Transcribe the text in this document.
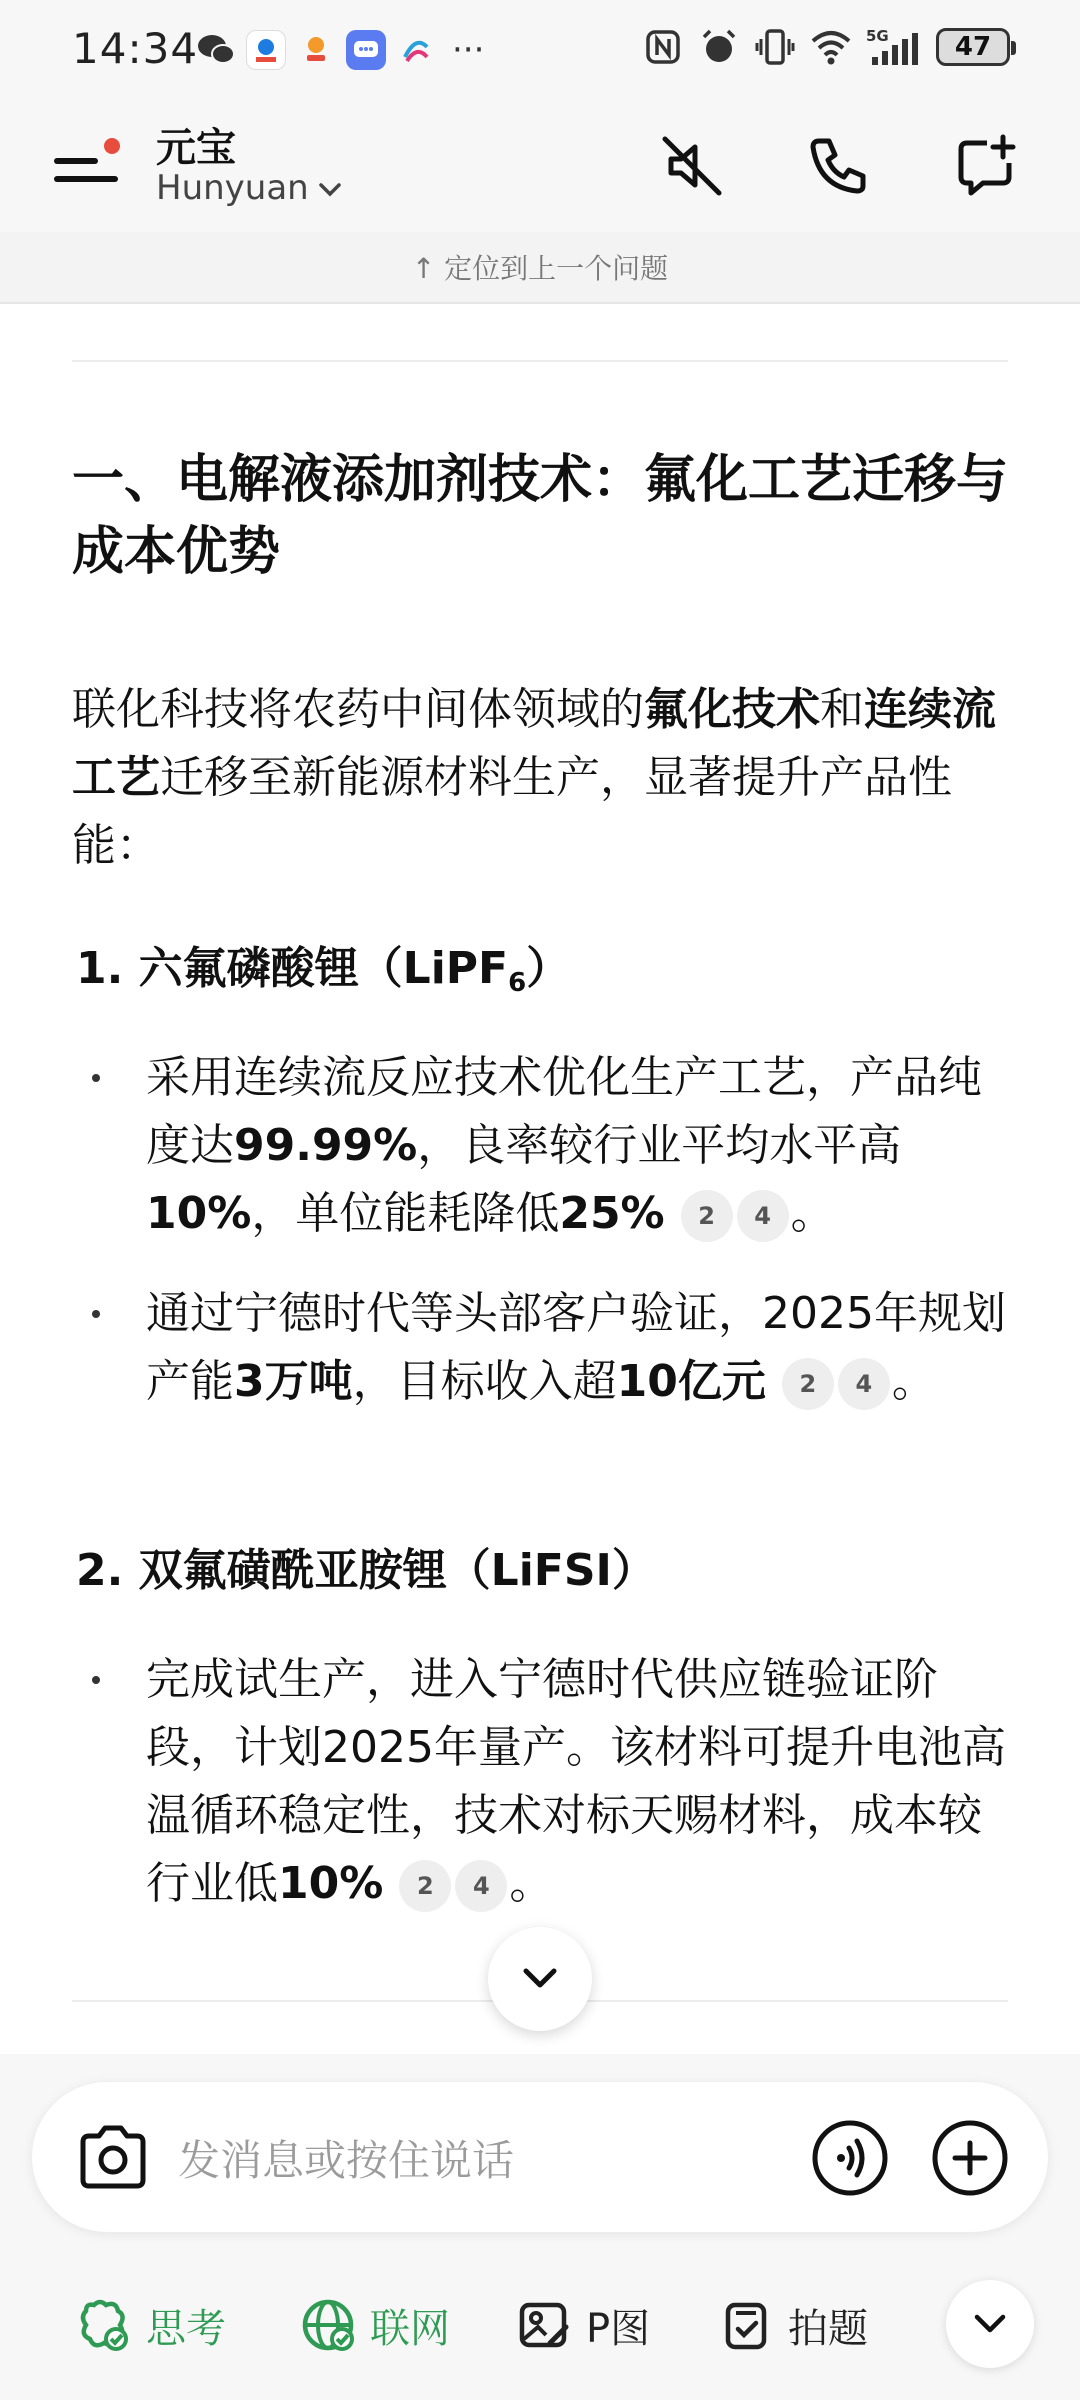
14:34	···	5G	47
元宝
Hunyuan
↑ 定位到上一个问题
一、电解液添加剂技术：氟化工艺迁移与成本优势
联化科技将农药中间体领域的氟化技术和连续流工艺迁移至新能源材料生产，显著提升产品性能：
1. 六氟磷酸锂（LiPF$_6$）
采用连续流反应技术优化生产工艺，产品纯度达99.99%，良率较行业平均水平高10%，单位能耗降低25% 2 4 。
通过宁德时代等头部客户验证，2025年规划产能3万吨，目标收入超10亿元 2 4 。
2. 双氟磺酰亚胺锂（LiFSI）
完成试生产，进入宁德时代供应链验证阶段，计划2025年量产。该材料可提升电池高温循环稳定性，技术对标天赐材料，成本较行业低10% 2 4 。
发消息或按住说话
思考	联网	P图	拍题
